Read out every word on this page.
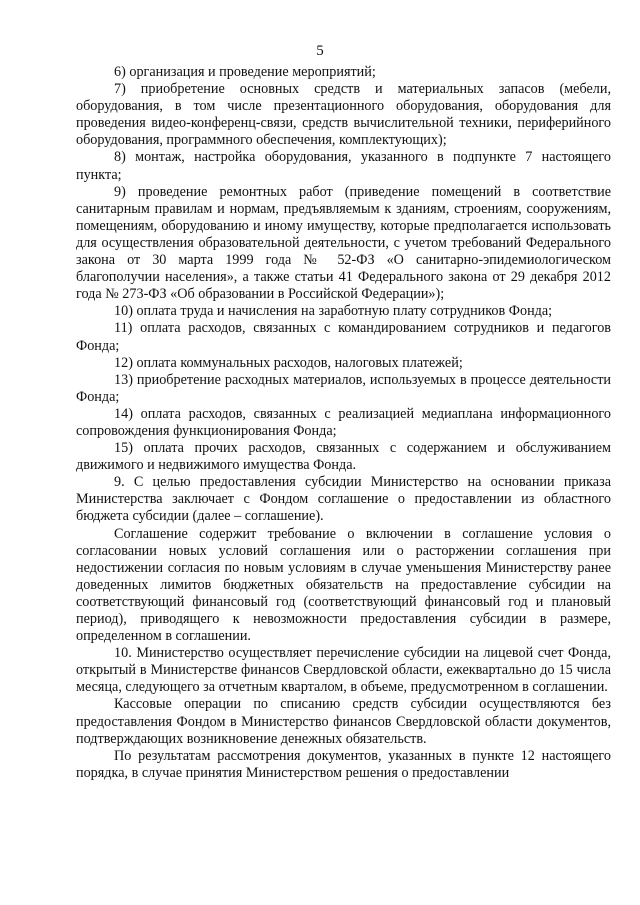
5

6) организация и проведение мероприятий;

7) приобретение основных средств и материальных запасов (мебели, оборудования, в том числе презентационного оборудования, оборудования для проведения видео-конференц-связи, средств вычислительной техники, периферийного оборудования, программного обеспечения, комплектующих);

8) монтаж, настройка оборудования, указанного в подпункте 7 настоящего пункта;

9) проведение ремонтных работ (приведение помещений в соответствие санитарным правилам и нормам, предъявляемым к зданиям, строениям, сооружениям, помещениям, оборудованию и иному имуществу, которые предполагается использовать для осуществления образовательной деятельности, с учетом требований Федерального закона от 30 марта 1999 года № 52-ФЗ «О санитарно-эпидемиологическом благополучии населения», а также статьи 41 Федерального закона от 29 декабря 2012 года № 273-ФЗ «Об образовании в Российской Федерации»);

10) оплата труда и начисления на заработную плату сотрудников Фонда;

11) оплата расходов, связанных с командированием сотрудников и педагогов Фонда;

12) оплата коммунальных расходов, налоговых платежей;

13) приобретение расходных материалов, используемых в процессе деятельности Фонда;

14) оплата расходов, связанных с реализацией медиаплана информационного сопровождения функционирования Фонда;

15) оплата прочих расходов, связанных с содержанием и обслуживанием движимого и недвижимого имущества Фонда.

9. С целью предоставления субсидии Министерство на основании приказа Министерства заключает с Фондом соглашение о предоставлении из областного бюджета субсидии (далее – соглашение).

Соглашение содержит требование о включении в соглашение условия о согласовании новых условий соглашения или о расторжении соглашения при недостижении согласия по новым условиям в случае уменьшения Министерству ранее доведенных лимитов бюджетных обязательств на предоставление субсидии на соответствующий финансовый год (соответствующий финансовый год и плановый период), приводящего к невозможности предоставления субсидии в размере, определенном в соглашении.

10. Министерство осуществляет перечисление субсидии на лицевой счет Фонда, открытый в Министерстве финансов Свердловской области, ежеквартально до 15 числа месяца, следующего за отчетным кварталом, в объеме, предусмотренном в соглашении.

Кассовые операции по списанию средств субсидии осуществляются без предоставления Фондом в Министерство финансов Свердловской области документов, подтверждающих возникновение денежных обязательств.

По результатам рассмотрения документов, указанных в пункте 12 настоящего порядка, в случае принятия Министерством решения о предоставлении
